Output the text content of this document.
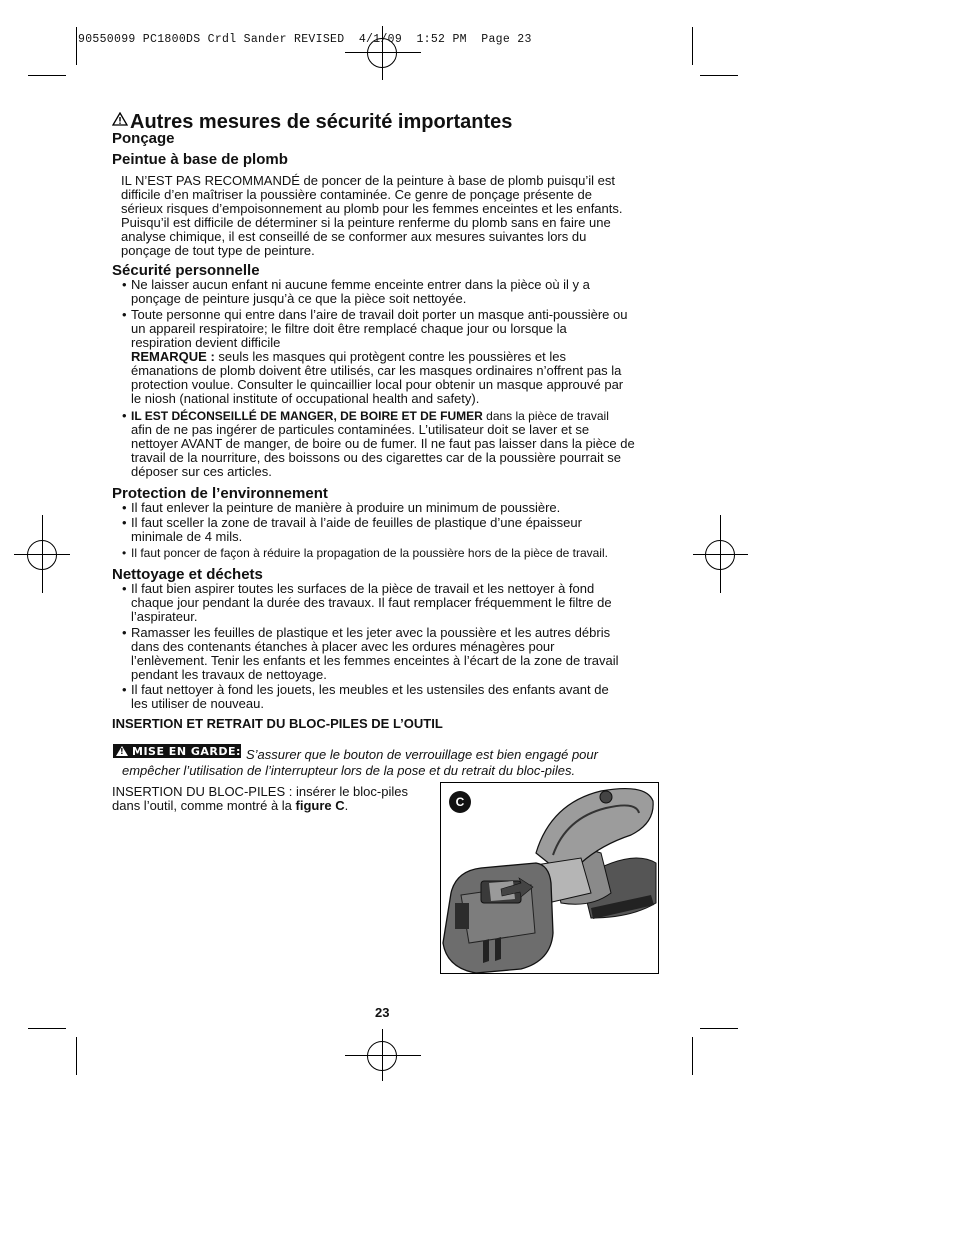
90550099 PC1800DS Crdl Sander REVISED  4/1/09  1:52 PM  Page 23
Autres mesures de sécurité importantes
Ponçage
Peintue à base de plomb
IL N’EST PAS RECOMMANDÉ de poncer de la peinture à base de plomb puisqu’il est
difficile d’en maîtriser la poussière contaminée. Ce genre de ponçage présente de
sérieux risques d’empoisonnement au plomb pour les femmes enceintes et les enfants.
Puisqu’il est difficile de déterminer si la peinture renferme du plomb sans en faire une
analyse chimique, il est conseillé de se conformer aux mesures suivantes lors du
ponçage de tout type de peinture.
Sécurité personnelle
• Ne laisser aucun enfant ni aucune femme enceinte entrer dans la pièce où il y a
ponçage de peinture jusqu’à ce que la pièce soit nettoyée.
• Toute personne qui entre dans l’aire de travail doit porter un masque anti-poussière ou
un appareil respiratoire; le filtre doit être remplacé chaque jour ou lorsque la
respiration devient difficile
REMARQUE : seuls les masques qui protègent contre les poussières et les
émanations de plomb doivent être utilisés, car les masques ordinaires n’offrent pas la
protection voulue. Consulter le quincaillier local pour obtenir un masque approuvé par
le niosh (national institute of occupational health and safety).
• IL EST DÉCONSEILLÉ DE MANGER, DE BOIRE ET DE FUMER dans la pièce de travail
afin de ne pas ingérer de particules contaminées. L’utilisateur doit se laver et se
nettoyer AVANT de manger, de boire ou de fumer. Il ne faut pas laisser dans la pièce de
travail de la nourriture, des boissons ou des cigarettes car de la poussière pourrait se
déposer sur ces articles.
Protection de l’environnement
• Il faut enlever la peinture de manière à produire un minimum de poussière.
• Il faut sceller la zone de travail à l’aide de feuilles de plastique d’une épaisseur
minimale de 4 mils.
• Il faut poncer de façon à réduire la propagation de la poussière hors de la pièce de travail.
Nettoyage et déchets
• Il faut bien aspirer toutes les surfaces de la pièce de travail et les nettoyer à fond
chaque jour pendant la durée des travaux. Il faut remplacer fréquemment le filtre de
l’aspirateur.
• Ramasser les feuilles de plastique et les jeter avec la poussière et les autres débris
dans des contenants étanches à placer avec les ordures ménagères pour
l’enlèvement. Tenir les enfants et les femmes enceintes à l’écart de la zone de travail
pendant les travaux de nettoyage.
• Il faut nettoyer à fond les jouets, les meubles et les ustensiles des enfants avant de
les utiliser de nouveau.
INSERTION ET RETRAIT DU BLOC-PILES DE L’OUTIL
!
MISE EN GARDE: S’assurer que le bouton de verrouillage est bien engagé pour
empêcher l’utilisation de l’interrupteur lors de la pose et du retrait du bloc-piles.
INSERTION DU BLOC-PILES : insérer le bloc-piles
dans l’outil, comme montré à la figure C.	C
23
